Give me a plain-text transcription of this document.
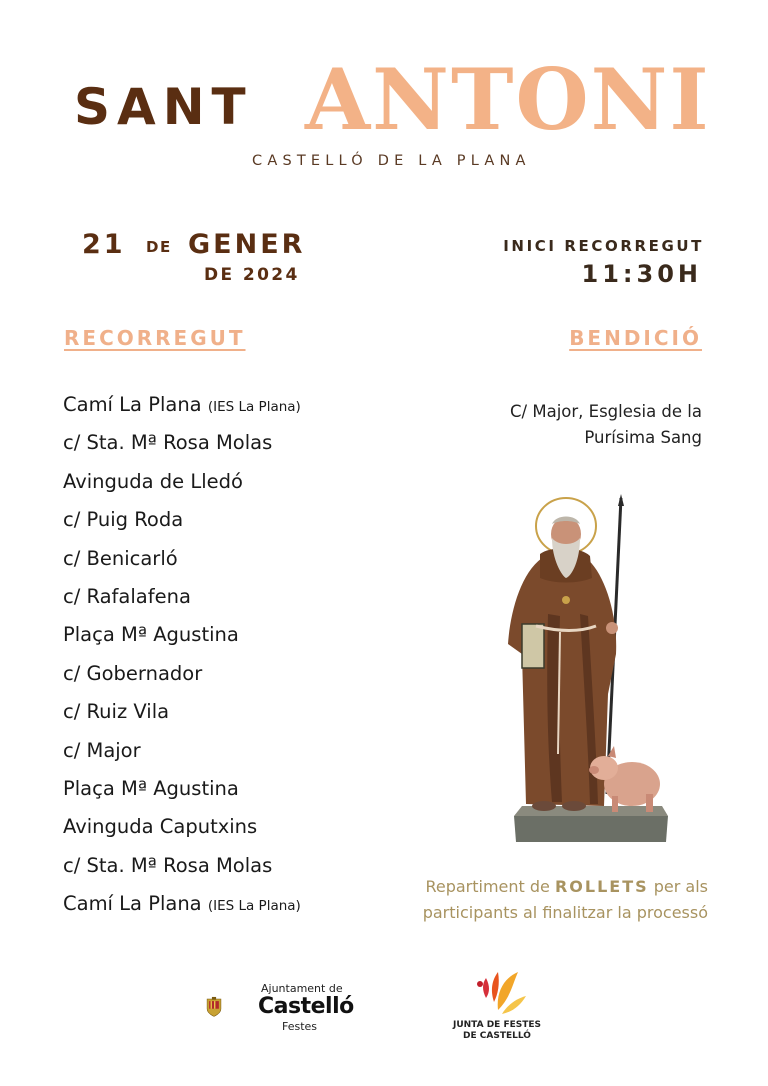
SANT ANTONI
CASTELLÓ DE LA PLANA
21 DE GENER
DE 2024
INICI RECORREGUT
11:30H
RECORREGUT	BENDICIÓ
Camí La Plana (IES La Plana)
c/ Sta. Mª Rosa Molas
Avinguda de Lledó
c/ Puig Roda
c/ Benicarló
c/ Rafalafena
Plaça Mª Agustina
c/ Gobernador
c/ Ruiz Vila
c/ Major
Plaça Mª Agustina
Avinguda Caputxins
c/ Sta. Mª Rosa Molas
Camí La Plana (IES La Plana)
C/ Major, Esglesia de la
Purísima Sang
Repartiment de ROLLETS per als
participants al finalitzar la processó
Ajuntament de
Castelló
Festes	JUNTA DE FESTES
DE CASTELLÓ
